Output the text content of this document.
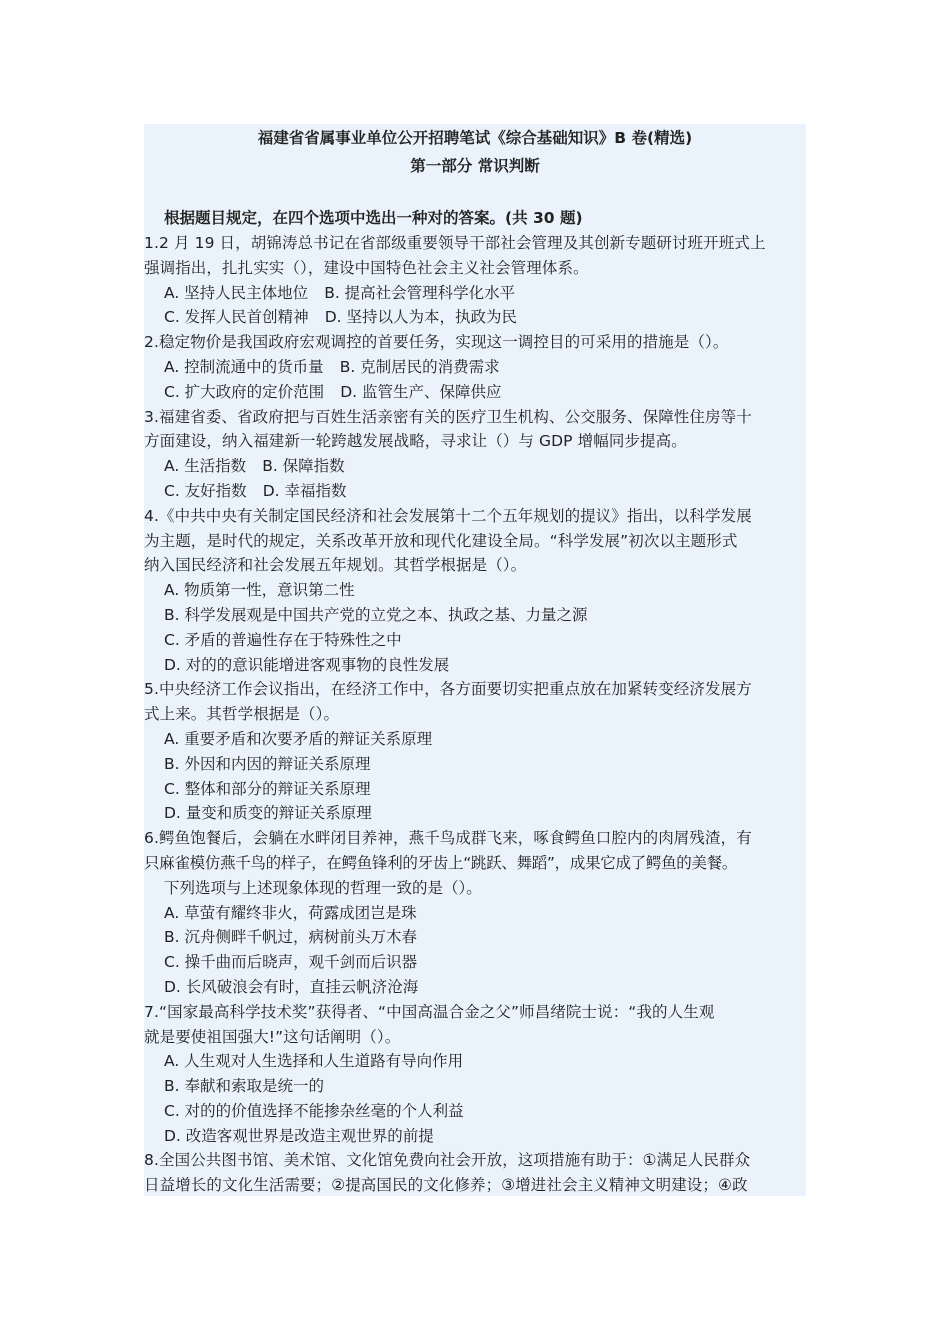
福建省省属事业单位公开招聘笔试《综合基础知识》B 卷(精选)
第一部分 常识判断
根据题目规定，在四个选项中选出一种对的答案。(共 30 题)
1.2 月 19 日，胡锦涛总书记在省部级重要领导干部社会管理及其创新专题研讨班开班式上
强调指出，扎扎实实（），建设中国特色社会主义社会管理体系。
A. 坚持人民主体地位 B. 提高社会管理科学化水平
C. 发挥人民首创精神 D. 坚持以人为本，执政为民
2.稳定物价是我国政府宏观调控的首要任务，实现这一调控目的可采用的措施是（）。
A. 控制流通中的货币量 B. 克制居民的消费需求
C. 扩大政府的定价范围 D. 监管生产、保障供应
3.福建省委、省政府把与百姓生活亲密有关的医疗卫生机构、公交服务、保障性住房等十
方面建设，纳入福建新一轮跨越发展战略，寻求让（）与 GDP 增幅同步提高。
A. 生活指数 B. 保障指数
C. 友好指数 D. 幸福指数
4.《中共中央有关制定国民经济和社会发展第十二个五年规划的提议》指出，以科学发展
为主题，是时代的规定，关系改革开放和现代化建设全局。“科学发展”初次以主题形式
纳入国民经济和社会发展五年规划。其哲学根据是（）。
A. 物质第一性，意识第二性
B. 科学发展观是中国共产党的立党之本、执政之基、力量之源
C. 矛盾的普遍性存在于特殊性之中
D. 对的的意识能增进客观事物的良性发展
5.中央经济工作会议指出，在经济工作中，各方面要切实把重点放在加紧转变经济发展方
式上来。其哲学根据是（）。
A. 重要矛盾和次要矛盾的辩证关系原理
B. 外因和内因的辩证关系原理
C. 整体和部分的辩证关系原理
D. 量变和质变的辩证关系原理
6.鳄鱼饱餐后，会躺在水畔闭目养神，燕千鸟成群飞来，啄食鳄鱼口腔内的肉屑残渣，有
只麻雀模仿燕千鸟的样子，在鳄鱼锋利的牙齿上“跳跃、舞蹈”，成果它成了鳄鱼的美餐。
下列选项与上述现象体现的哲理一致的是（）。
A. 草萤有耀终非火，荷露成团岂是珠
B. 沉舟侧畔千帆过，病树前头万木春
C. 操千曲而后晓声，观千剑而后识器
D. 长风破浪会有时，直挂云帆济沧海
7.“国家最高科学技术奖”获得者、“中国高温合金之父”师昌绪院士说：“我的人生观
就是要使祖国强大!”这句话阐明（）。
A. 人生观对人生选择和人生道路有导向作用
B. 奉献和索取是统一的
C. 对的的价值选择不能掺杂丝毫的个人利益
D. 改造客观世界是改造主观世界的前提
8.全国公共图书馆、美术馆、文化馆免费向社会开放，这项措施有助于：①满足人民群众
日益增长的文化生活需要；②提高国民的文化修养；③增进社会主义精神文明建设；④政
